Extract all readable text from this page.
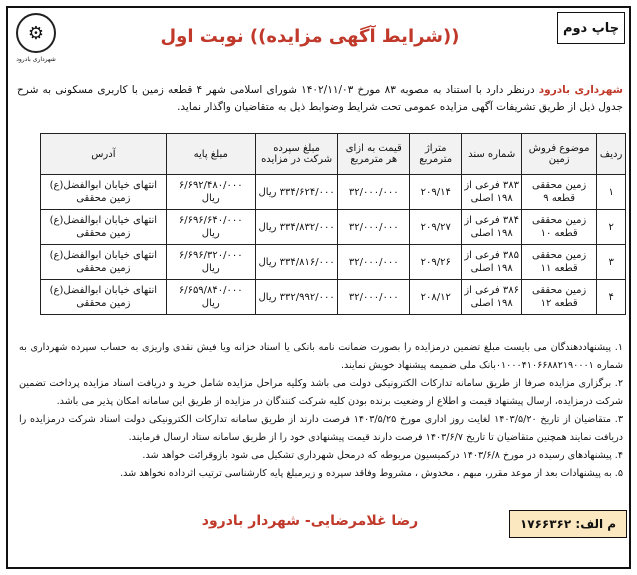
⚙
شهرداری بادرود
چاپ دوم
((شرایط آگهی مزایده)) نوبت اول
شهرداری بادرود درنظر دارد با استناد به مصوبه ۸۳ مورخ ۱۴۰۲/۱۱/۰۳ شورای اسلامی شهر ۴ قطعه زمین با کاربری مسکونی به شرح جدول ذیل از طریق تشریفات آگهی مزایده عمومی تحت شرایط وضوابط ذیل به متقاضیان واگذار نماید.
ردیف	موضوع فروش زمین	شماره سند	متراژ مترمربع	قیمت به ازای هر مترمربع	مبلغ سپرده شرکت در مزایده	مبلغ پایه	آدرس
۱	زمین محققی قطعه ۹	۳۸۳ فرعی از ۱۹۸ اصلی	۲۰۹/۱۴	۳۲/۰۰۰/۰۰۰	۳۳۴/۶۲۴/۰۰۰ ریال	۶/۶۹۲/۴۸۰/۰۰۰ ریال	انتهای خیابان ابوالفضل(ع) زمین محققی
۲	زمین محققی قطعه ۱۰	۳۸۴ فرعی از ۱۹۸ اصلی	۲۰۹/۲۷	۳۲/۰۰۰/۰۰۰	۳۳۴/۸۳۲/۰۰۰ ریال	۶/۶۹۶/۶۴۰/۰۰۰ ریال	انتهای خیابان ابوالفضل(ع) زمین محققی
۳	زمین محققی قطعه ۱۱	۳۸۵ فرعی از ۱۹۸ اصلی	۲۰۹/۲۶	۳۲/۰۰۰/۰۰۰	۳۳۴/۸۱۶/۰۰۰ ریال	۶/۶۹۶/۳۲۰/۰۰۰ ریال	انتهای خیابان ابوالفضل(ع) زمین محققی
۴	زمین محققی قطعه ۱۲	۳۸۶ فرعی از ۱۹۸ اصلی	۲۰۸/۱۲	۳۲/۰۰۰/۰۰۰	۳۳۲/۹۹۲/۰۰۰ ریال	۶/۶۵۹/۸۴۰/۰۰۰ ریال	انتهای خیابان ابوالفضل(ع) زمین محققی

۱. پیشنهاددهندگان می بایست مبلغ تضمین درمزایده را بصورت ضمانت نامه بانکی یا اسناد خزانه ویا فیش نقدی واریزی به حساب سپرده شهرداری به شماره ۰۱۰۰۰۴۱۰۶۶۸۸۲۱۹۰۰۰۱بانک ملی ضمیمه پیشنهاد خویش نمایند.

۲. برگزاری مزایده صرفا از طریق سامانه تدارکات الکترونیکی دولت می باشد وکلیه مراحل مزایده شامل خرید و دریافت اسناد مزایده پرداخت تضمین شرکت درمزایده، ارسال پیشنهاد قیمت و اطلاع از وضعیت برنده بودن کلیه شرکت کنندگان در مزایده از طریق این سامانه امکان پذیر می باشد.

۳. متقاضیان از تاریخ ۱۴۰۳/۵/۲۰ لغایت روز اداری مورخ ۱۴۰۳/۵/۲۵ فرصت دارند از طریق سامانه تدارکات الکترونیکی دولت اسناد شرکت درمزایده را دریافت نمایند همچنین متقاضیان تا تاریخ ۱۴۰۳/۶/۷ فرصت دارند قیمت پیشنهادی خود را از طریق سامانه ستاد ارسال فرمایند.

۴. پیشنهادهای رسیده در مورخ ۱۴۰۳/۶/۸ درکمیسیون مربوطه که درمحل شهرداری تشکیل می شود بازوقرائت خواهد شد.

۵. به پیشنهادات بعد از موعد مقرر، مبهم ، مخدوش ، مشروط وفاقد سپرده و زیرمبلغ پایه کارشناسی ترتیب اثرداده نخواهد شد.

رضا غلامرضایی- شهردار بادرود	م الف: ۱۷۶۶۳۶۲
